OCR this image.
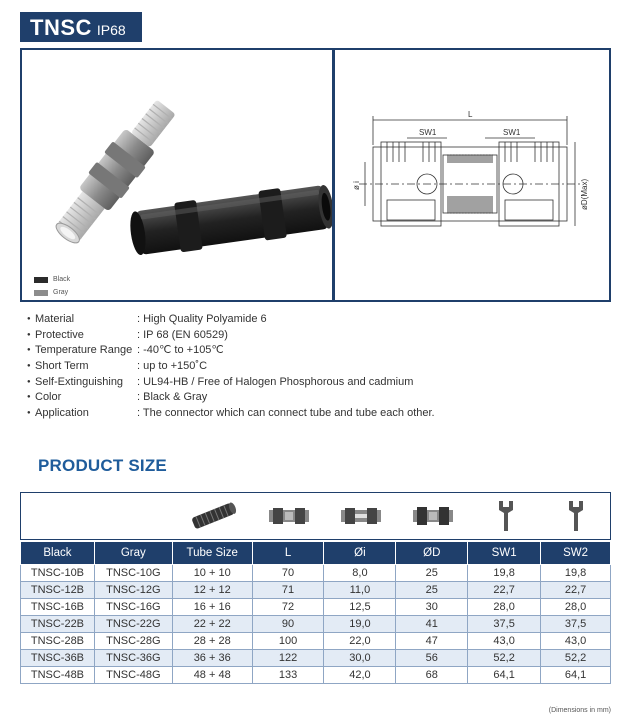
TNSC IP68
Black
Gray
L
SW1	SW1
ø i	øD(Max)
● Material	: High Quality Polyamide 6
● Protective	: IP 68 (EN 60529)
● Temperature Range : -40℃ to +105℃
● Short Term	: up to +150˚C
● Self-Extinguishing	: UL94-HB / Free of Halogen Phosphorous and cadmium
● Color	: Black & Gray
● Application	: The connector which can connect tube and tube each other.
PRODUCT SIZE
Black	Gray	Tube Size	L	Øi	ØD	SW1	SW2
TNSC-10B	TNSC-10G	10 + 10	70	8,0	25	19,8	19,8
TNSC-12B	TNSC-12G	12 + 12	71	11,0	25	22,7	22,7
TNSC-16B	TNSC-16G	16 + 16	72	12,5	30	28,0	28,0
TNSC-22B	TNSC-22G	22 + 22	90	19,0	41	37,5	37,5
TNSC-28B	TNSC-28G	28 + 28	100	22,0	47	43,0	43,0
TNSC-36B	TNSC-36G	36 + 36	122	30,0	56	52,2	52,2
TNSC-48B	TNSC-48G	48 + 48	133	42,0	68	64,1	64,1
(Dimensions in mm)
